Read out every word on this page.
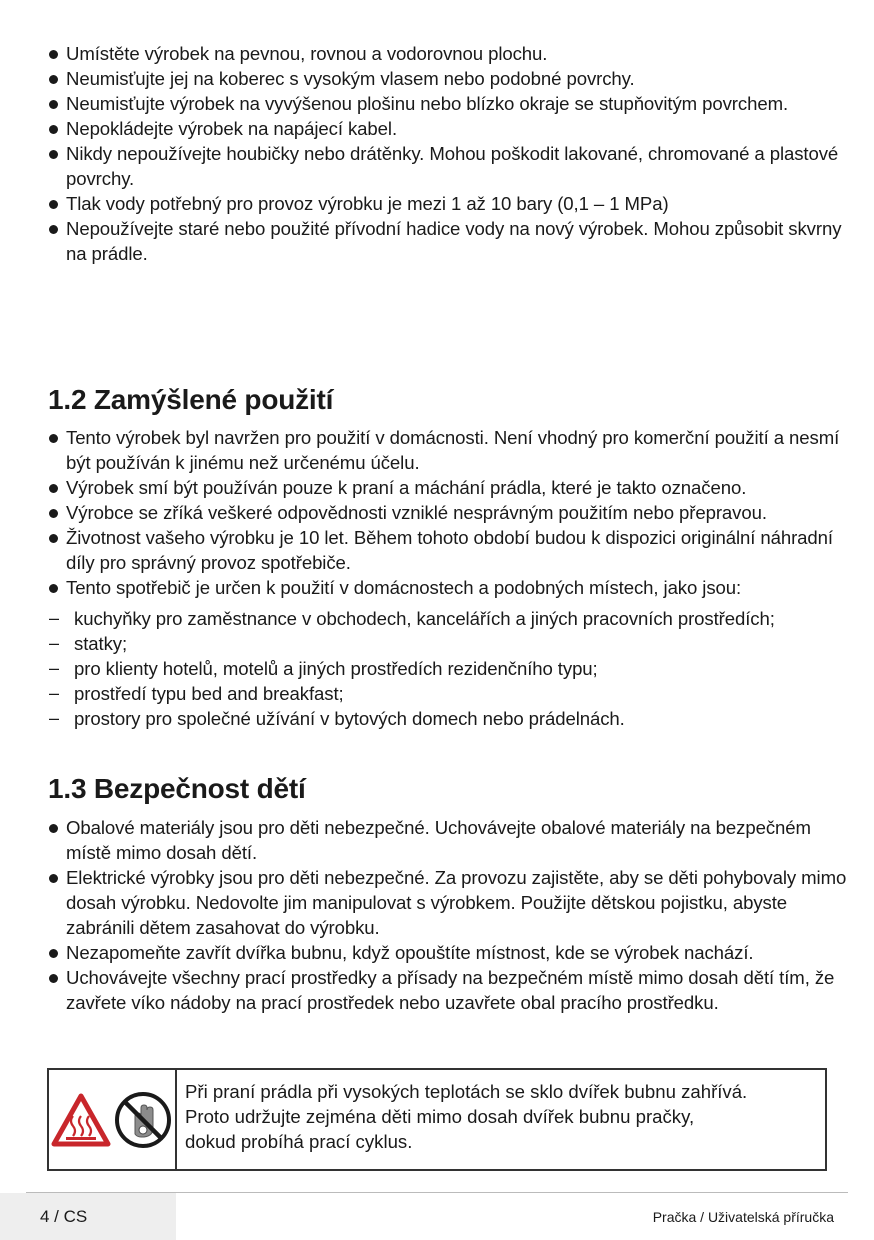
Umístěte výrobek na pevnou, rovnou a vodorovnou plochu.
Neumisťujte jej na koberec s vysokým vlasem nebo podobné povrchy.
Neumisťujte výrobek na vyvýšenou plošinu nebo blízko okraje se stupňovitým povrchem.
Nepokládejte výrobek na napájecí kabel.
Nikdy nepoužívejte houbičky nebo drátěnky. Mohou poškodit lakované, chromované a plastové povrchy.
Tlak vody potřebný pro provoz výrobku je mezi 1 až 10 bary (0,1 – 1 MPa)
Nepoužívejte staré nebo použité přívodní hadice vody na nový výrobek. Mohou způsobit skvrny na prádle.
1.2 Zamýšlené použití
Tento výrobek byl navržen pro použití v domácnosti. Není vhodný pro komerční použití a nesmí být používán k jinému než určenému účelu.
Výrobek smí být používán pouze k praní a máchání prádla, které je takto označeno.
Výrobce se zříká veškeré odpovědnosti vzniklé nesprávným použitím nebo přepravou.
Životnost vašeho výrobku je 10 let. Během tohoto období budou k dispozici originální náhradní díly pro správný provoz spotřebiče.
Tento spotřebič je určen k použití v domácnostech a podobných místech, jako jsou:
– kuchyňky pro zaměstnance v obchodech, kancelářích a jiných pracovních prostředích;
– statky;
– pro klienty hotelů, motelů a jiných prostředích rezidenčního typu;
– prostředí typu bed and breakfast;
– prostory pro společné užívání v bytových domech nebo prádelnách.
1.3 Bezpečnost dětí
Obalové materiály jsou pro děti nebezpečné. Uchovávejte obalové materiály na bezpečném místě mimo dosah dětí.
Elektrické výrobky jsou pro děti nebezpečné. Za provozu zajistěte, aby se děti pohybovaly mimo dosah výrobku. Nedovolte jim manipulovat s výrobkem. Použijte dětskou pojistku, abyste zabránili dětem zasahovat do výrobku.
Nezapomeňte zavřít dvířka bubnu, když opouštíte místnost, kde se výrobek nachází.
Uchovávejte všechny prací prostředky a přísady na bezpečném místě mimo dosah dětí tím, že zavřete víko nádoby na prací prostředek nebo uzavřete obal pracího prostředku.
Při praní prádla při vysokých teplotách se sklo dvířek bubnu zahřívá.
Proto udržujte zejména děti mimo dosah dvířek bubnu pračky,
dokud probíhá prací cyklus.
4 / CS	Pračka / Uživatelská příručka
